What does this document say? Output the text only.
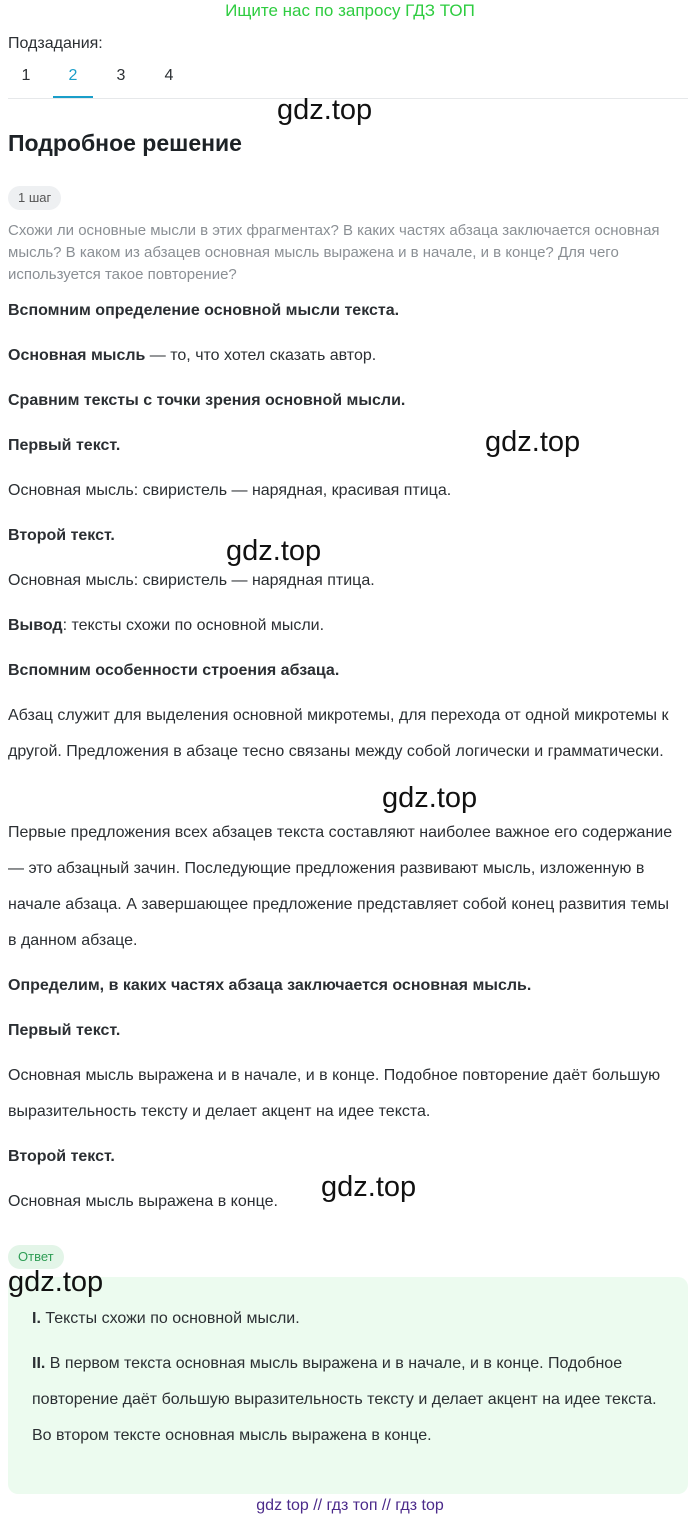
Ищите нас по запросу ГДЗ ТОП
Подзадания:
1	2	3	4
gdz.top
gdz.top
gdz.top
gdz.top
gdz.top
Подробное решение
1 шаг
Схожи ли основные мысли в этих фрагментах? В каких частях абзаца заключается основная мысль? В каком из абзацев основная мысль выражена и в начале, и в конце? Для чего используется такое повторение?
Вспомним определение основной мысли текста.
Основная мысль — то, что хотел сказать автор.
Сравним тексты с точки зрения основной мысли.
Первый текст.
Основная мысль: свиристель — нарядная, красивая птица.
Второй текст.
Основная мысль: свиристель — нарядная птица.
Вывод: тексты схожи по основной мысли.
Вспомним особенности строения абзаца.
Абзац служит для выделения основной микротемы, для перехода от одной микротемы к другой. Предложения в абзаце тесно связаны между собой логически и грамматически.
Первые предложения всех абзацев текста составляют наиболее важное его содержание — это абзацный зачин. Последующие предложения развивают мысль, изложенную в начале абзаца. А завершающее предложение представляет собой конец развития темы в данном абзаце.
Определим, в каких частях абзаца заключается основная мысль.
Первый текст.
Основная мысль выражена и в начале, и в конце. Подобное повторение даёт большую выразительность тексту и делает акцент на идее текста.
Второй текст.
Основная мысль выражена в конце.
Ответ
I. Тексты схожи по основной мысли.
II. В первом текста основная мысль выражена и в начале, и в конце. Подобное повторение даёт большую выразительность тексту и делает акцент на идее текста. Во втором тексте основная мысль выражена в конце.
gdz.top
gdz top // гдз топ // гдз top
